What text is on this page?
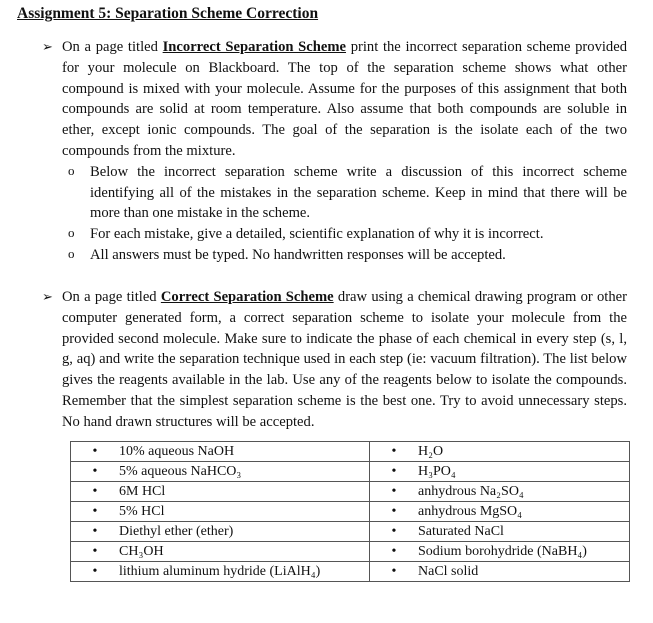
Assignment 5: Separation Scheme Correction
➢ On a page titled Incorrect Separation Scheme print the incorrect separation scheme provided for your molecule on Blackboard. The top of the separation scheme shows what other compound is mixed with your molecule. Assume for the purposes of this assignment that both compounds are solid at room temperature. Also assume that both compounds are soluble in ether, except ionic compounds. The goal of the separation is the isolate each of the two compounds from the mixture.
o Below the incorrect separation scheme write a discussion of this incorrect scheme identifying all of the mistakes in the separation scheme. Keep in mind that there will be more than one mistake in the scheme.
o For each mistake, give a detailed, scientific explanation of why it is incorrect.
o All answers must be typed. No handwritten responses will be accepted.
➢ On a page titled Correct Separation Scheme draw using a chemical drawing program or other computer generated form, a correct separation scheme to isolate your molecule from the provided second molecule. Make sure to indicate the phase of each chemical in every step (s, l, g, aq) and write the separation technique used in each step (ie: vacuum filtration). The list below gives the reagents available in the lab. Use any of the reagents below to isolate the compounds. Remember that the simplest separation scheme is the best one. Try to avoid unnecessary steps. No hand drawn structures will be accepted.
•	10% aqueous NaOH	•	H₂O
•	5% aqueous NaHCO₃	•	H₃PO₄
•	6M HCl	•	anhydrous Na₂SO₄
•	5% HCl	•	anhydrous MgSO₄
•	Diethyl ether (ether)	•	Saturated NaCl
•	CH₃OH	•	Sodium borohydride (NaBH₄)
•	lithium aluminum hydride (LiAlH₄)	•	NaCl solid
